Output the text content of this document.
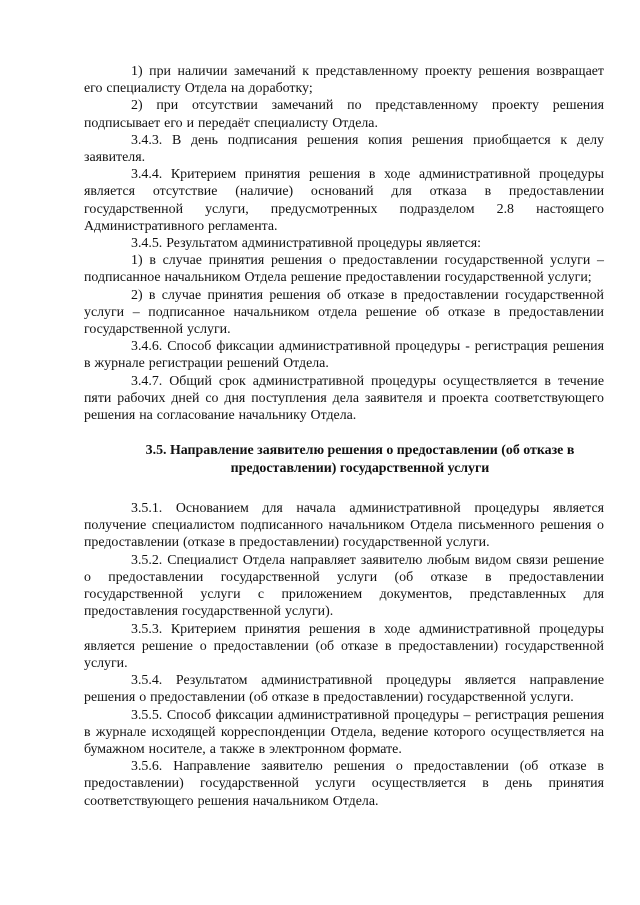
1) при наличии замечаний к представленному проекту решения возвращает его специалисту Отдела на доработку;

2) при отсутствии замечаний по представленному проекту решения подписывает его и передаёт специалисту Отдела.

3.4.3. В день подписания решения копия решения приобщается к делу заявителя.

3.4.4. Критерием принятия решения в ходе административной процедуры является отсутствие (наличие) оснований для отказа в предоставлении государственной услуги, предусмотренных подразделом 2.8 настоящего Административного регламента.

3.4.5. Результатом административной процедуры является:

1) в случае принятия решения о предоставлении государственной услуги – подписанное начальником Отдела решение предоставлении государственной услуги;

2) в случае принятия решения об отказе в предоставлении государственной услуги – подписанное начальником отдела решение об отказе в предоставлении государственной услуги.

3.4.6. Способ фиксации административной процедуры - регистрация решения в журнале регистрации решений Отдела.

3.4.7. Общий срок административной процедуры осуществляется в течение пяти рабочих дней со дня поступления дела заявителя и проекта соответствующего решения на согласование начальнику Отдела.

3.5. Направление заявителю решения о предоставлении (об отказе в предоставлении) государственной услуги

3.5.1. Основанием для начала административной процедуры является получение специалистом подписанного начальником Отдела письменного решения о предоставлении (отказе в предоставлении) государственной услуги.

3.5.2. Специалист Отдела направляет заявителю любым видом связи решение о предоставлении государственной услуги (об отказе в предоставлении государственной услуги с приложением документов, представленных для предоставления государственной услуги).

3.5.3. Критерием принятия решения в ходе административной процедуры является решение о предоставлении (об отказе в предоставлении) государственной услуги.

3.5.4. Результатом административной процедуры является направление решения о предоставлении (об отказе в предоставлении) государственной услуги.

3.5.5. Способ фиксации административной процедуры – регистрация решения в журнале исходящей корреспонденции Отдела, ведение которого осуществляется на бумажном носителе, а также в электронном формате.

3.5.6. Направление заявителю решения о предоставлении (об отказе в предоставлении) государственной услуги осуществляется в день принятия соответствующего решения начальником Отдела.
